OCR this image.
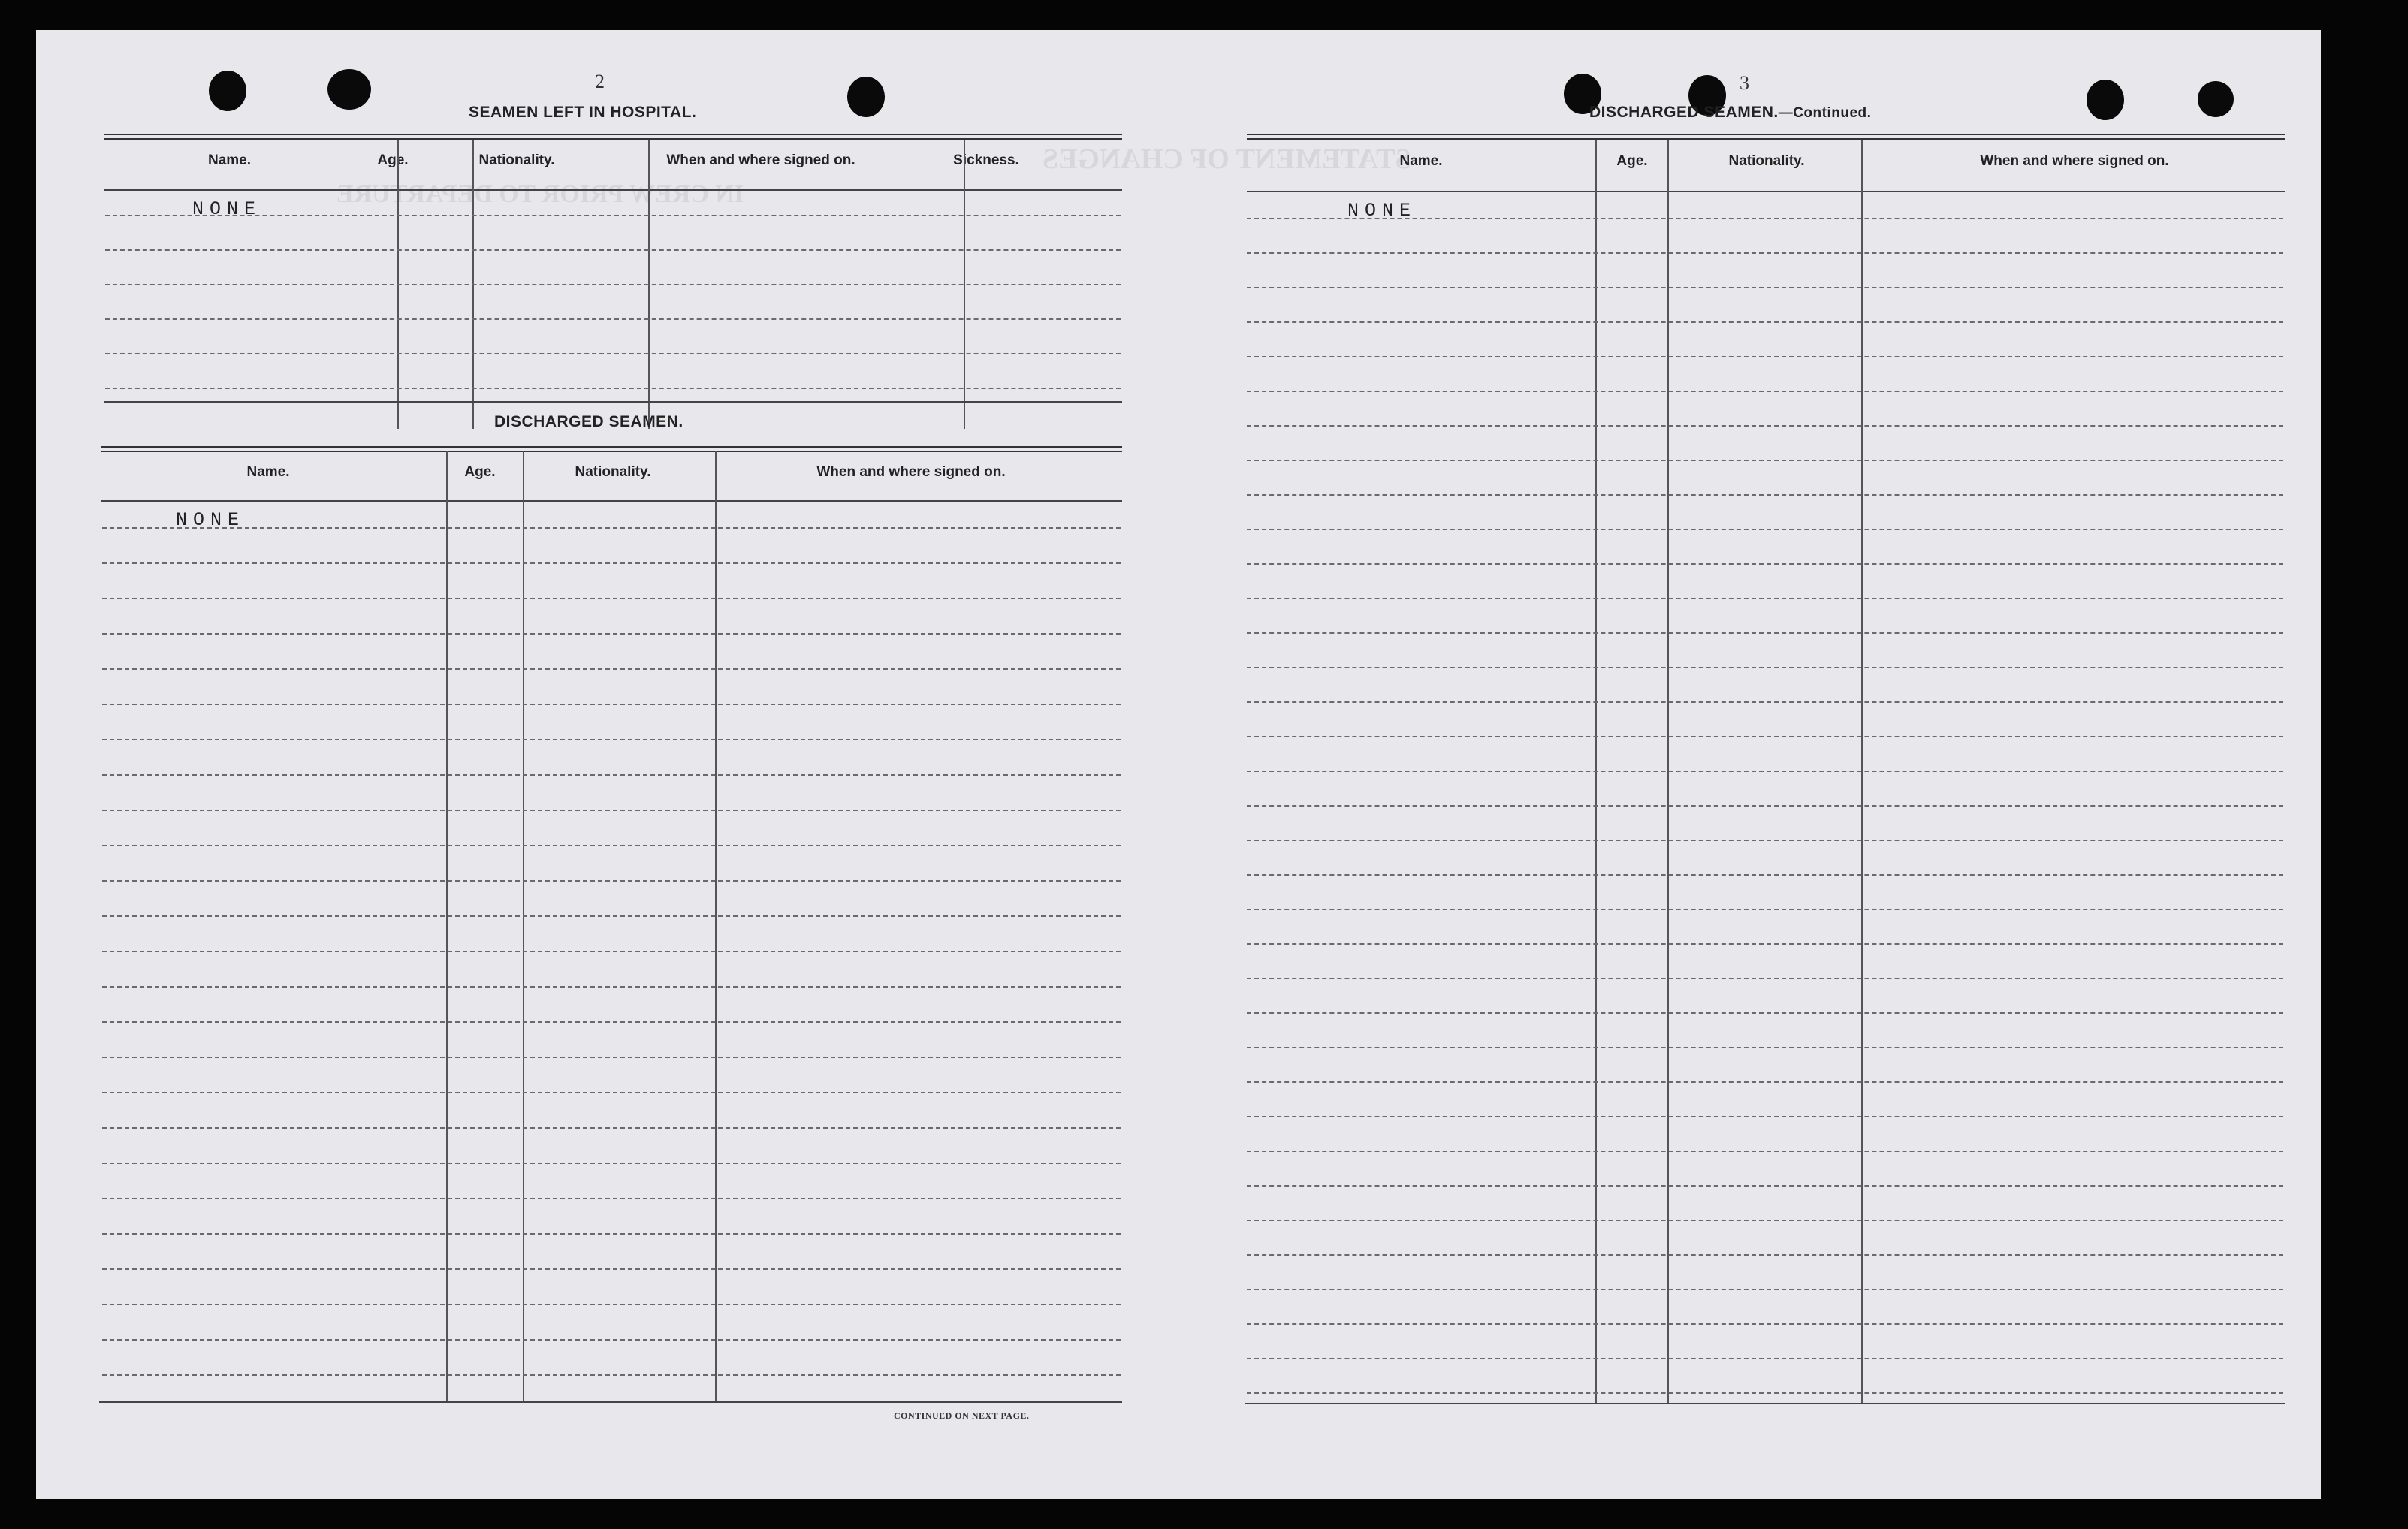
STATEMENT OF CHANGES
IN CREW PRIOR TO DEPARTURE
2
SEAMEN LEFT IN HOSPITAL.
Name.	Age.	Nationality.	When and where signed on.	Sickness.
NONE
DISCHARGED SEAMEN.
Name.	Age.	Nationality.	When and where signed on.
NONE
CONTINUED ON NEXT PAGE.
3
DISCHARGED SEAMEN.—Continued.
Name.	Age.	Nationality.	When and where signed on.
NONE
